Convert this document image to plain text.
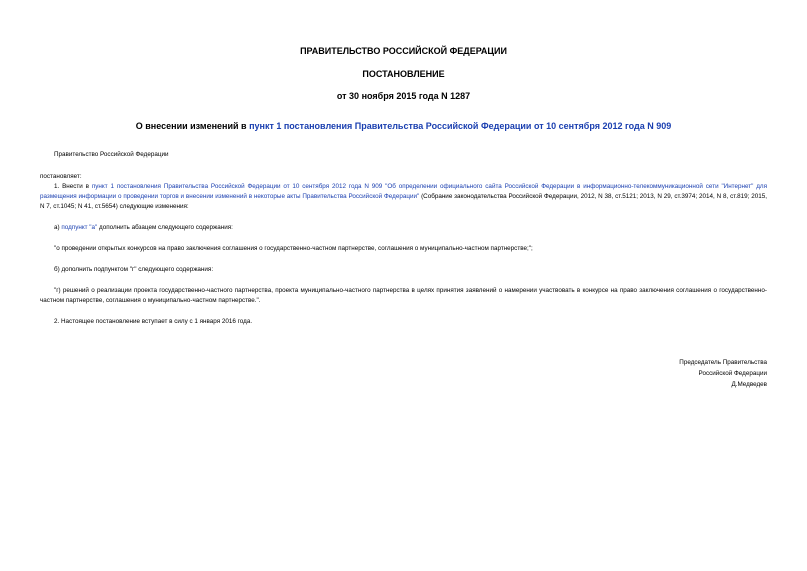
ПРАВИТЕЛЬСТВО РОССИЙСКОЙ ФЕДЕРАЦИИ
ПОСТАНОВЛЕНИЕ
от 30 ноября 2015 года N 1287
О внесении изменений в пункт 1 постановления Правительства Российской Федерации от 10 сентября 2012 года N 909
Правительство Российской Федерации
постановляет:
1. Внести в пункт 1 постановления Правительства Российской Федерации от 10 сентября 2012 года N 909 "Об определении официального сайта Российской Федерации в информационно-телекоммуникационной сети "Интернет" для размещения информации о проведении торгов и внесении изменений в некоторые акты Правительства Российской Федерации" (Собрание законодательства Российской Федерации, 2012, N 38, ст.5121; 2013, N 29, ст.3974; 2014, N 8, ст.819; 2015, N 7, ст.1045; N 41, ст.5654) следующие изменения:
а) подпункт "а" дополнить абзацем следующего содержания:
"о проведении открытых конкурсов на право заключения соглашения о государственно-частном партнерстве, соглашения о муниципально-частном партнерстве;";
б) дополнить подпунктом "г" следующего содержания:
"г) решений о реализации проекта государственно-частного партнерства, проекта муниципально-частного партнерства в целях принятия заявлений о намерении участвовать в конкурсе на право заключения соглашения о государственно-частном партнерстве, соглашения о муниципально-частном партнерстве.".
2. Настоящее постановление вступает в силу с 1 января 2016 года.
Председатель Правительства
Российской Федерации
Д.Медведев
